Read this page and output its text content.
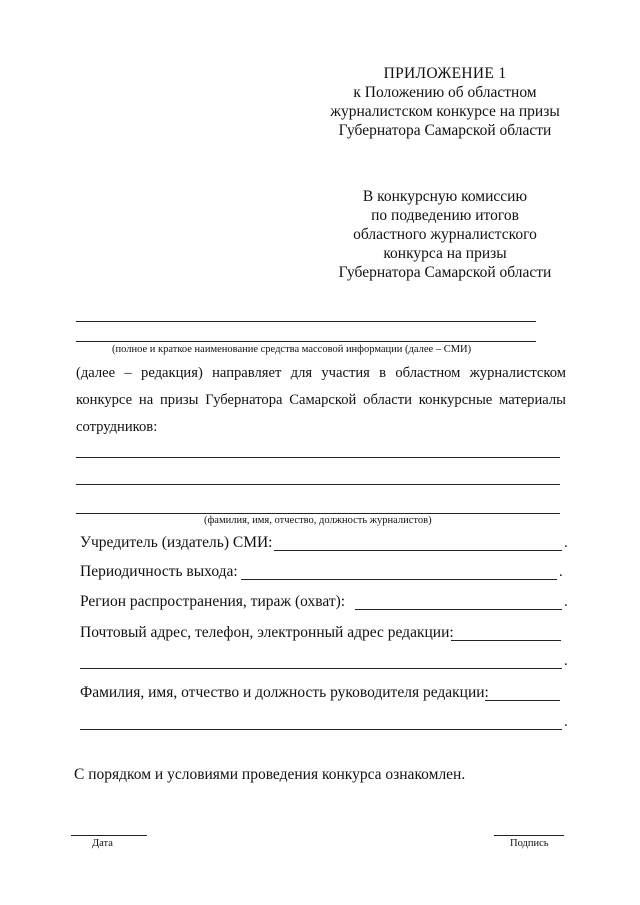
ПРИЛОЖЕНИЕ 1
к Положению об областном
журналистском конкурсе на призы
Губернатора Самарской области
В конкурсную комиссию
по подведению итогов
областного журналистского
конкурса на призы
Губернатора Самарской области
(полное и краткое наименование средства массовой информации (далее – СМИ)
(далее – редакция) направляет для участия в областном журналистском
конкурсе на призы Губернатора Самарской области конкурсные материалы
сотрудников:
(фамилия, имя, отчество, должность журналистов)
Учредитель (издатель) СМИ:	.
Периодичность выхода:	.
Регион распространения, тираж (охват):	.
Почтовый адрес, телефон, электронный адрес редакции:
.
Фамилия, имя, отчество и должность руководителя редакции:
.
С порядком и условиями проведения конкурса ознакомлен.
Дата	Подпись
